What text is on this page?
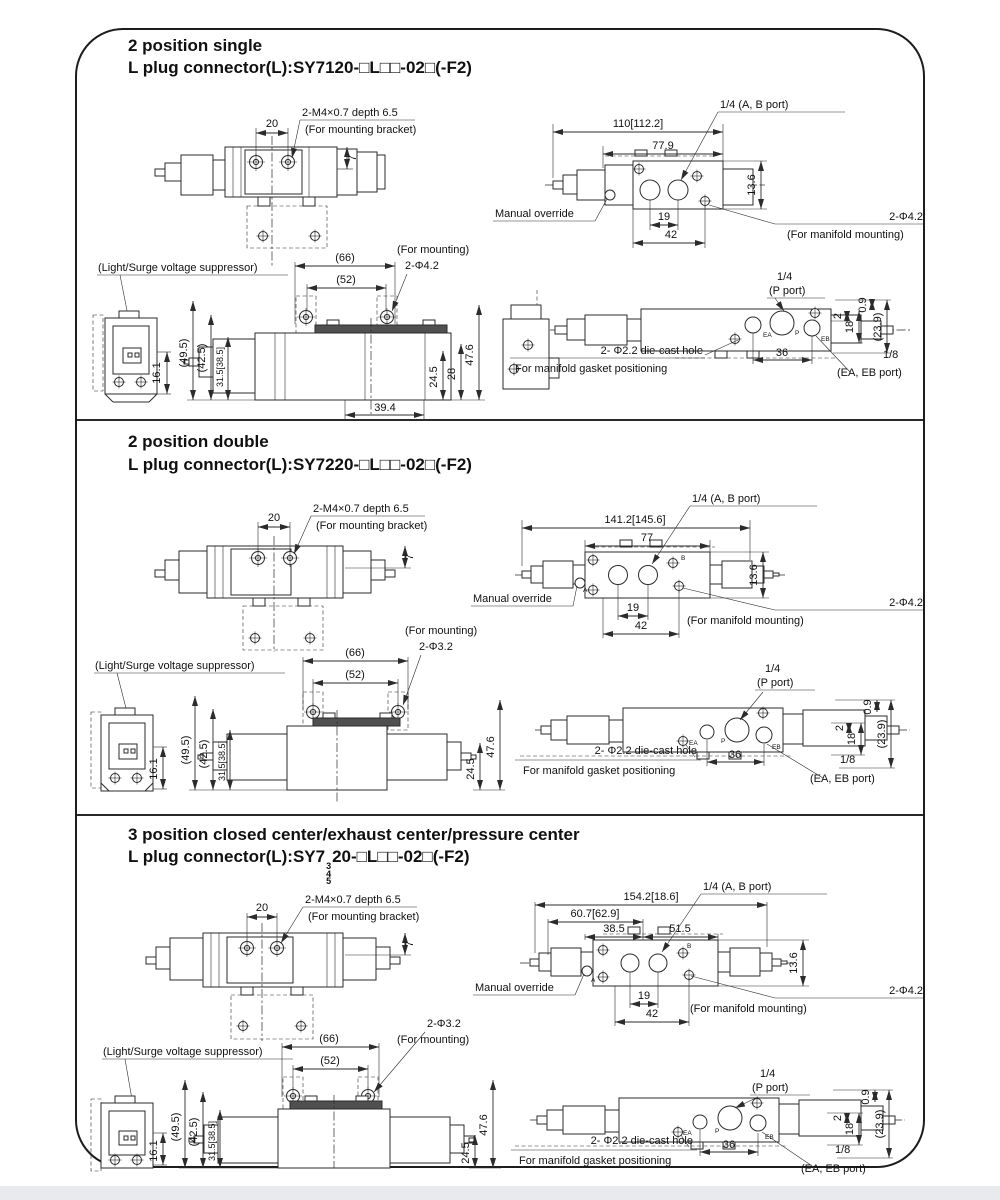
2 position single
L plug connector(L):SY7120-□L□□-02□(-F2)
20
2-M4×0.7 depth 6.5
(For mounting bracket)
7
110[112.2]
77.9
13.6
1/4 (A, B port)
Manual override	19
42
2-Φ4.2
(For manifold mounting)
(Light/Surge voltage suppressor)
16.1
(66)
(52)
(For mounting)
2-Φ4.2
(49.5) (42.5) 31.5[38.5]	24.5 28
47.6
39.4
EA	P
EB
1/4
(P port)
0.9
2
18 (23.9)
36	1/8
(EA, EB port)
2- Φ2.2 die-cast hole
For manifold gasket positioning
2 position double
L plug connector(L):SY7220-□L□□-02□(-F2)
20
2-M4×0.7 depth 6.5
(For mounting bracket)
7
A
B
141.2[145.6]
77
13.6
1/4 (A, B port)
Manual override
19
42
2-Φ4.2
(For manifold mounting)
(Light/Surge voltage suppressor)
16.1
(For mounting)
2-Φ3.2
(66)
(52)
(49.5) (42.5) 31.5[38.5]	24.5
47.6	EA	P
EB
1/4
(P port)
0.9
2
18 (23.9)
36	1/8
(EA, EB port)
2- Φ2.2 die-cast hole
For manifold gasket positioning
3 position closed center/exhaust center/pressure center
L plug connector(L):SY7 3
4
5
20-□L□□-02□(-F2)
20
2-M4×0.7 depth 6.5
(For mounting bracket)
7
A
B
154.2[18.6]
60.7[62.9]
38.5	51.5
13.6
1/4 (A, B port)
Manual override
19
42
2-Φ4.2
(For manifold mounting)
(Light/Surge voltage suppressor)
16.1
2-Φ3.2
(For mounting)
(66)
(52)
(49.5) (42.5) 31.5[38.5]	24.5
47.6	EA	P
EB
1/4
(P port)
0.9
2
18 (23.9)
36	1/8
(EA, EB port)
2- Φ2.2 die-cast hole
For manifold gasket positioning
